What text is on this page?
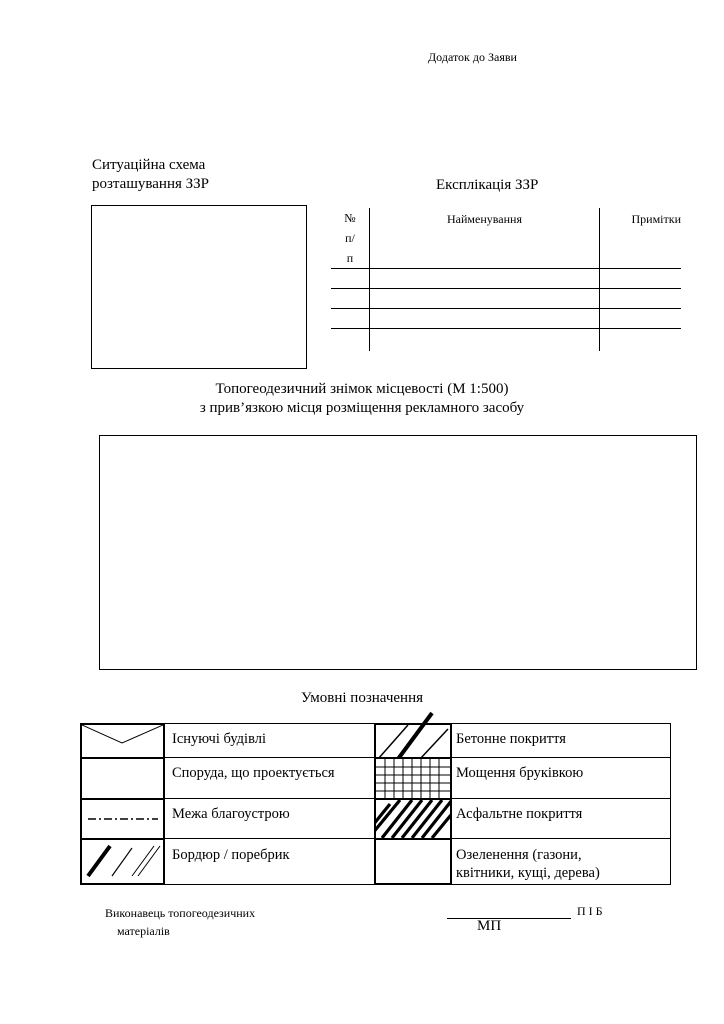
Додаток до Заяви
Ситуаційна схема
розташування ЗЗР	Експлікація ЗЗР
№
п/
п	Найменування	Примітки

Топогеодезичний знімок місцевості (М 1:500)
з прив’язкою місця розміщення рекламного засобу
Умовні позначення
Існуючі будівлі	Бетонне покриття
Споруда, що проектується	Мощення бруківкою
Межа благоустрою	Асфальтне покриття
Бордюр / поребрик	Озеленення (газони,
квітники, кущі, дерева)
Виконавець топогеодезичних
матеріалів
П І Б
МП
